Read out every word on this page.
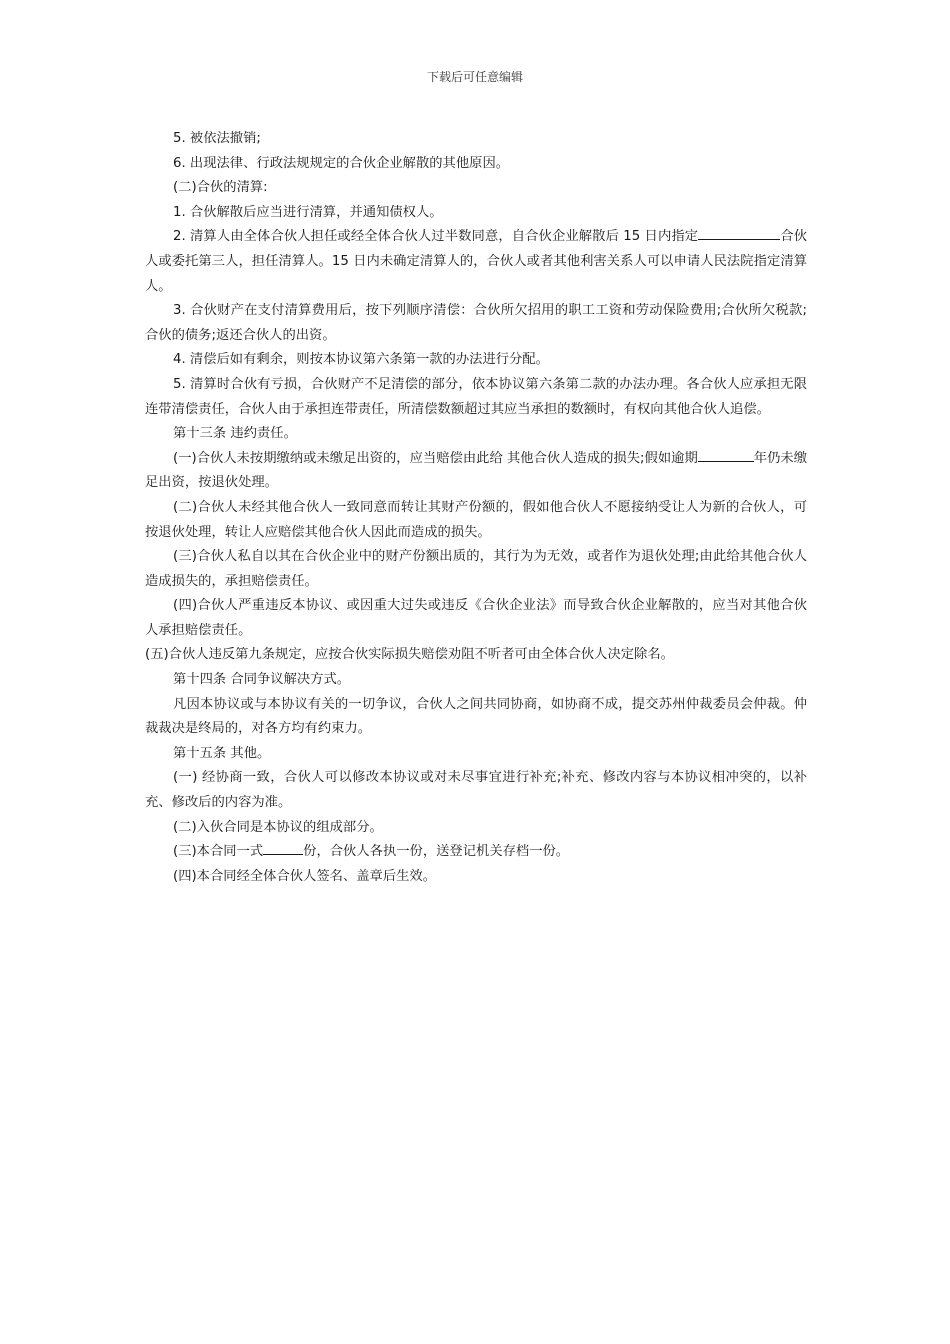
下载后可任意编辑

5. 被依法撤销;

6. 出现法律、行政法规规定的合伙企业解散的其他原因。

(二)合伙的清算:

1. 合伙解散后应当进行清算，并通知债权人。

2. 清算人由全体合伙人担任或经全体合伙人过半数同意，自合伙企业解散后 15 日内指定	合伙人或委托第三人，担任清算人。15 日内未确定清算人的，合伙人或者其他利害关系人可以申请人民法院指定清算人。

3. 合伙财产在支付清算费用后，按下列顺序清偿：合伙所欠招用的职工工资和劳动保险费用;合伙所欠税款;合伙的债务;返还合伙人的出资。

4. 清偿后如有剩余，则按本协议第六条第一款的办法进行分配。

5. 清算时合伙有亏损，合伙财产不足清偿的部分，依本协议第六条第二款的办法办理。各合伙人应承担无限连带清偿责任，合伙人由于承担连带责任，所清偿数额超过其应当承担的数额时，有权向其他合伙人追偿。

第十三条 违约责任。

(一)合伙人未按期缴纳或未缴足出资的，应当赔偿由此给 其他合伙人造成的损失;假如逾期	年仍未缴足出资，按退伙处理。

(二)合伙人未经其他合伙人一致同意而转让其财产份额的，假如他合伙人不愿接纳受让人为新的合伙人，可按退伙处理，转让人应赔偿其他合伙人因此而造成的损失。

(三)合伙人私自以其在合伙企业中的财产份额出质的，其行为为无效，或者作为退伙处理;由此给其他合伙人造成损失的，承担赔偿责任。

(四)合伙人严重违反本协议、或因重大过失或违反《合伙企业法》而导致合伙企业解散的，应当对其他合伙人承担赔偿责任。

(五)合伙人违反第九条规定，应按合伙实际损失赔偿劝阻不听者可由全体合伙人决定除名。

第十四条 合同争议解决方式。

凡因本协议或与本协议有关的一切争议，合伙人之间共同协商，如协商不成，提交苏州仲裁委员会仲裁。仲裁裁决是终局的，对各方均有约束力。

第十五条 其他。

(一) 经协商一致，合伙人可以修改本协议或对未尽事宜进行补充;补充、修改内容与本协议相冲突的，以补充、修改后的内容为准。

(二)入伙合同是本协议的组成部分。

(三)本合同一式	份，合伙人各执一份，送登记机关存档一份。

(四)本合同经全体合伙人签名、盖章后生效。
